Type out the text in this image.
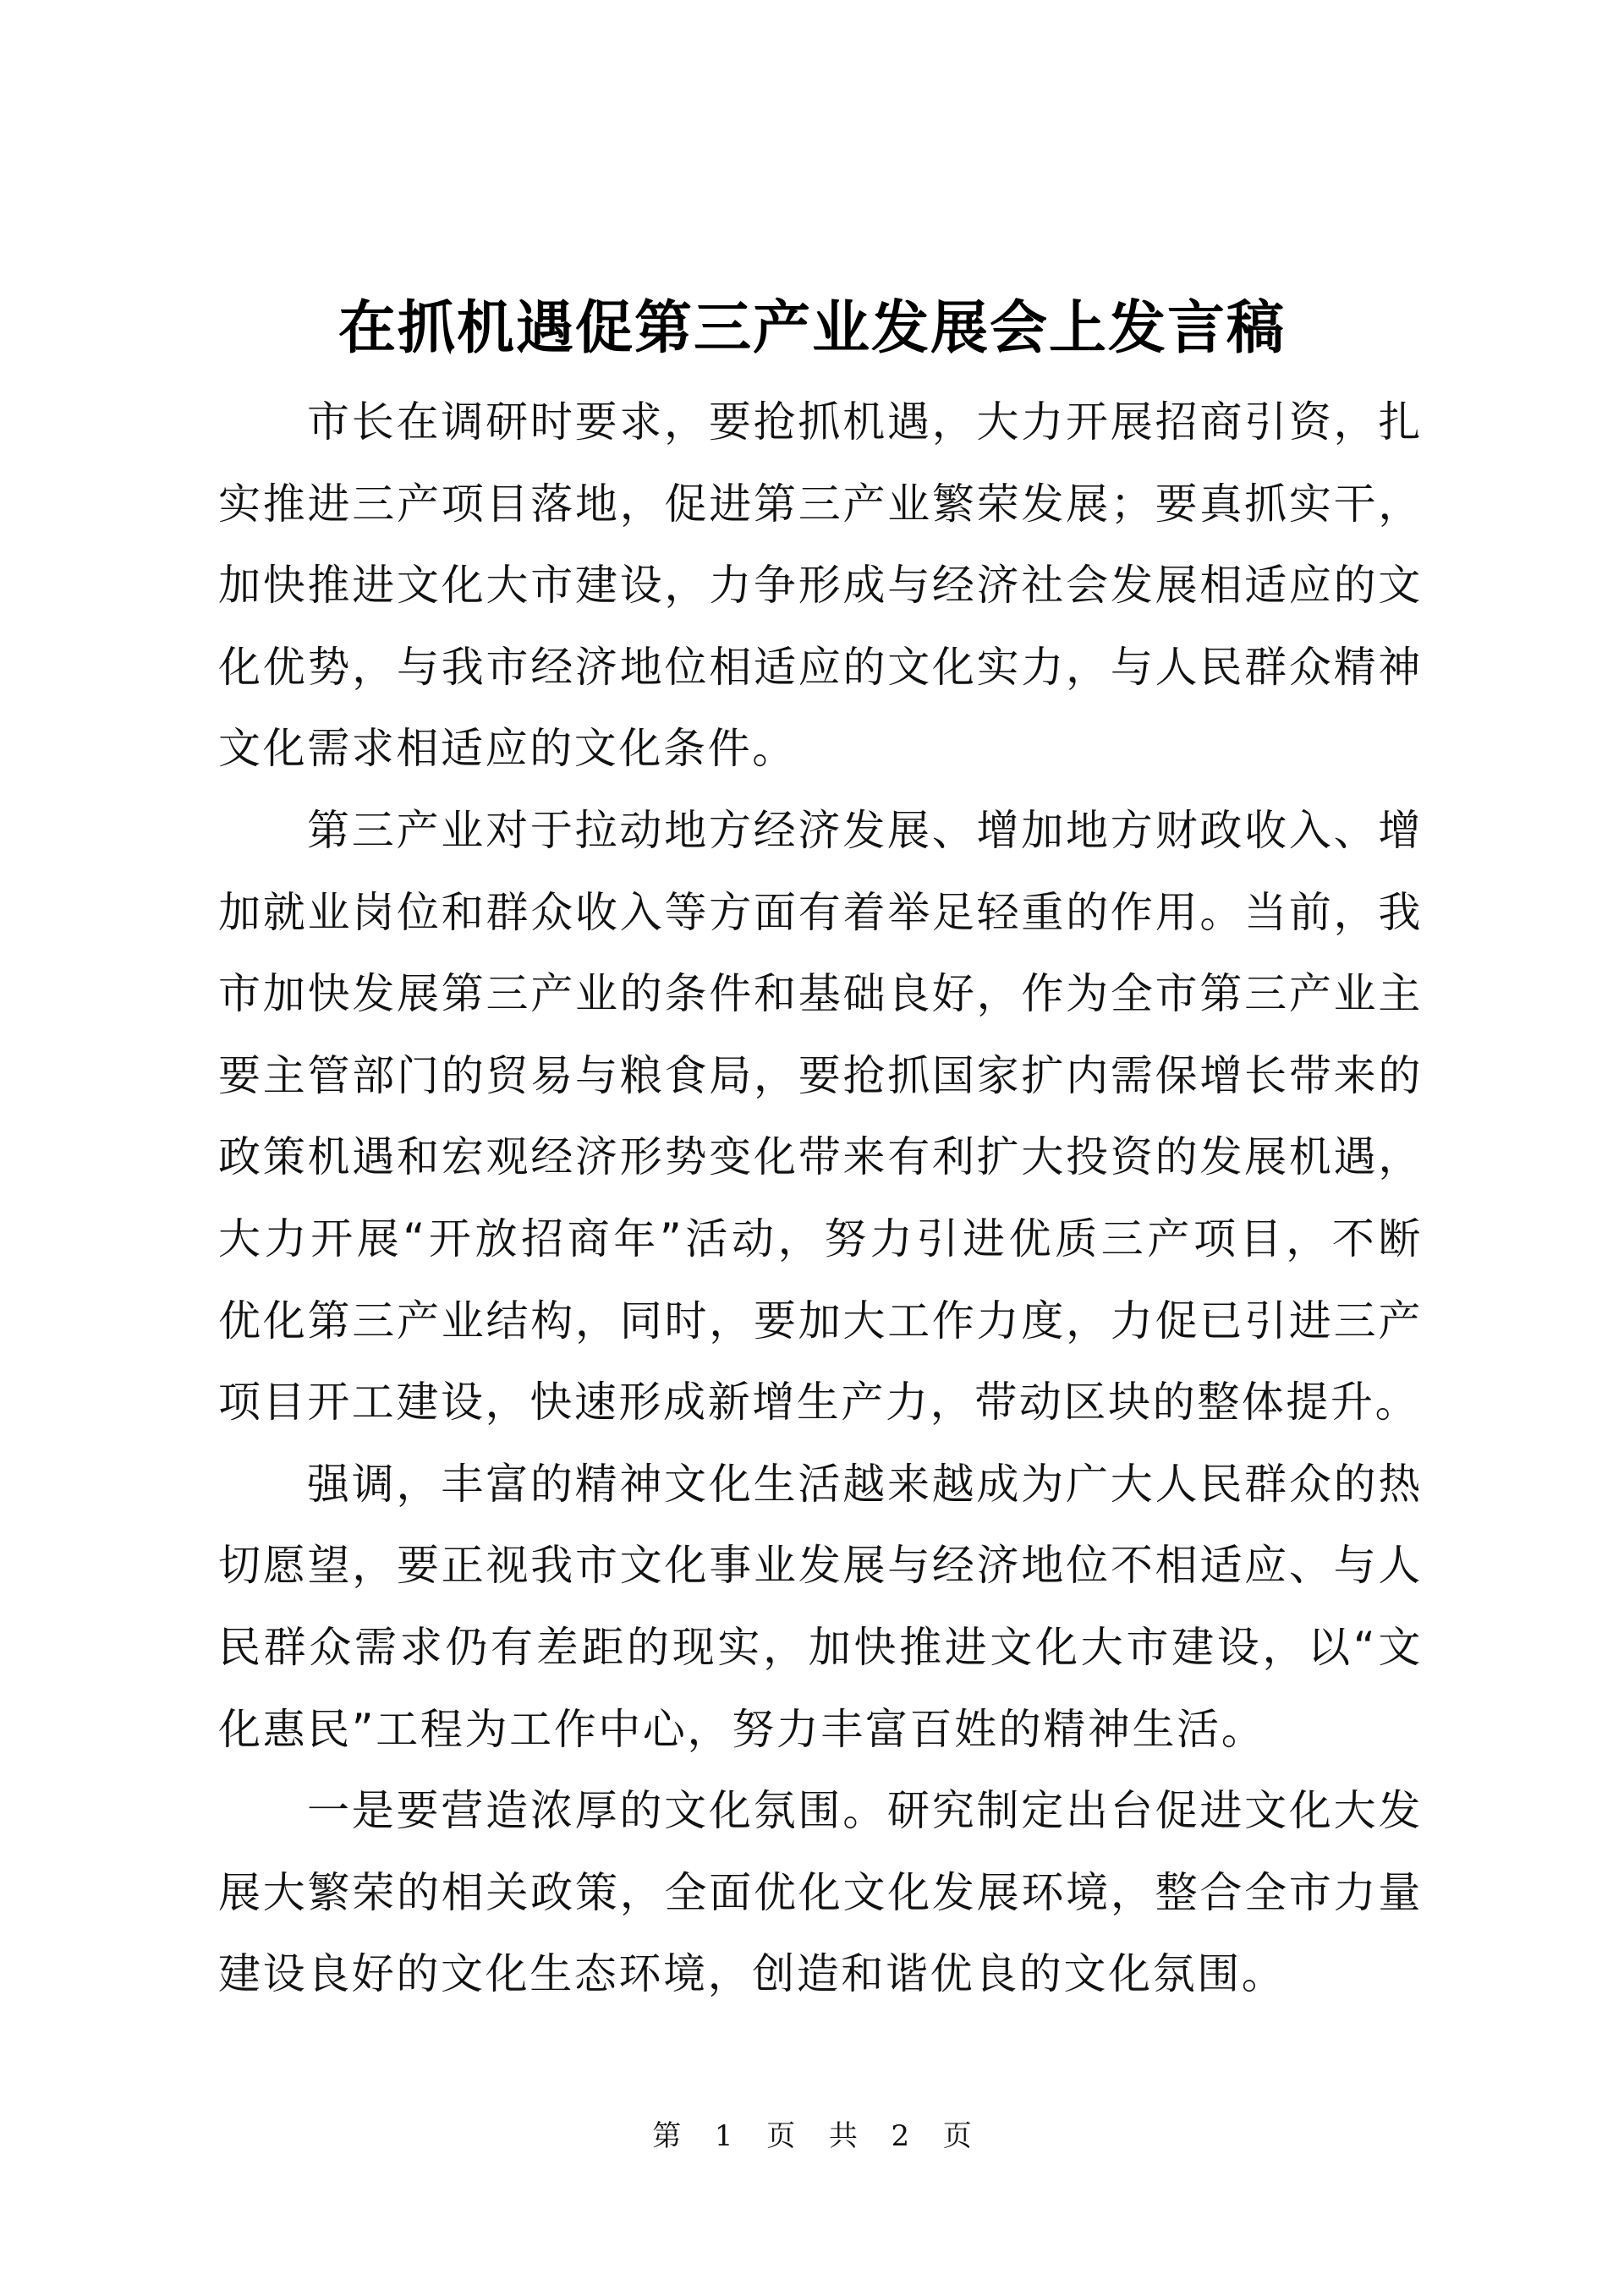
在抓机遇促第三产业发展会上发言稿

市长在调研时要求，要抢抓机遇，大力开展招商引资，扎实推进三产项目落地，促进第三产业繁荣发展；要真抓实干，加快推进文化大市建设，力争形成与经济社会发展相适应的文化优势，与我市经济地位相适应的文化实力，与人民群众精神文化需求相适应的文化条件。

第三产业对于拉动地方经济发展、增加地方财政收入、增加就业岗位和群众收入等方面有着举足轻重的作用。当前，我市加快发展第三产业的条件和基础良好，作为全市第三产业主要主管部门的贸易与粮食局，要抢抓国家扩内需保增长带来的政策机遇和宏观经济形势变化带来有利扩大投资的发展机遇，大力开展“开放招商年”活动，努力引进优质三产项目，不断优化第三产业结构，同时，要加大工作力度，力促已引进三产项目开工建设，快速形成新增生产力，带动区块的整体提升。

强调，丰富的精神文化生活越来越成为广大人民群众的热切愿望，要正视我市文化事业发展与经济地位不相适应、与人民群众需求仍有差距的现实，加快推进文化大市建设，以“文化惠民”工程为工作中心，努力丰富百姓的精神生活。

一是要营造浓厚的文化氛围。研究制定出台促进文化大发展大繁荣的相关政策，全面优化文化发展环境，整合全市力量建设良好的文化生态环境，创造和谐优良的文化氛围。

第 1 页 共 2 页
